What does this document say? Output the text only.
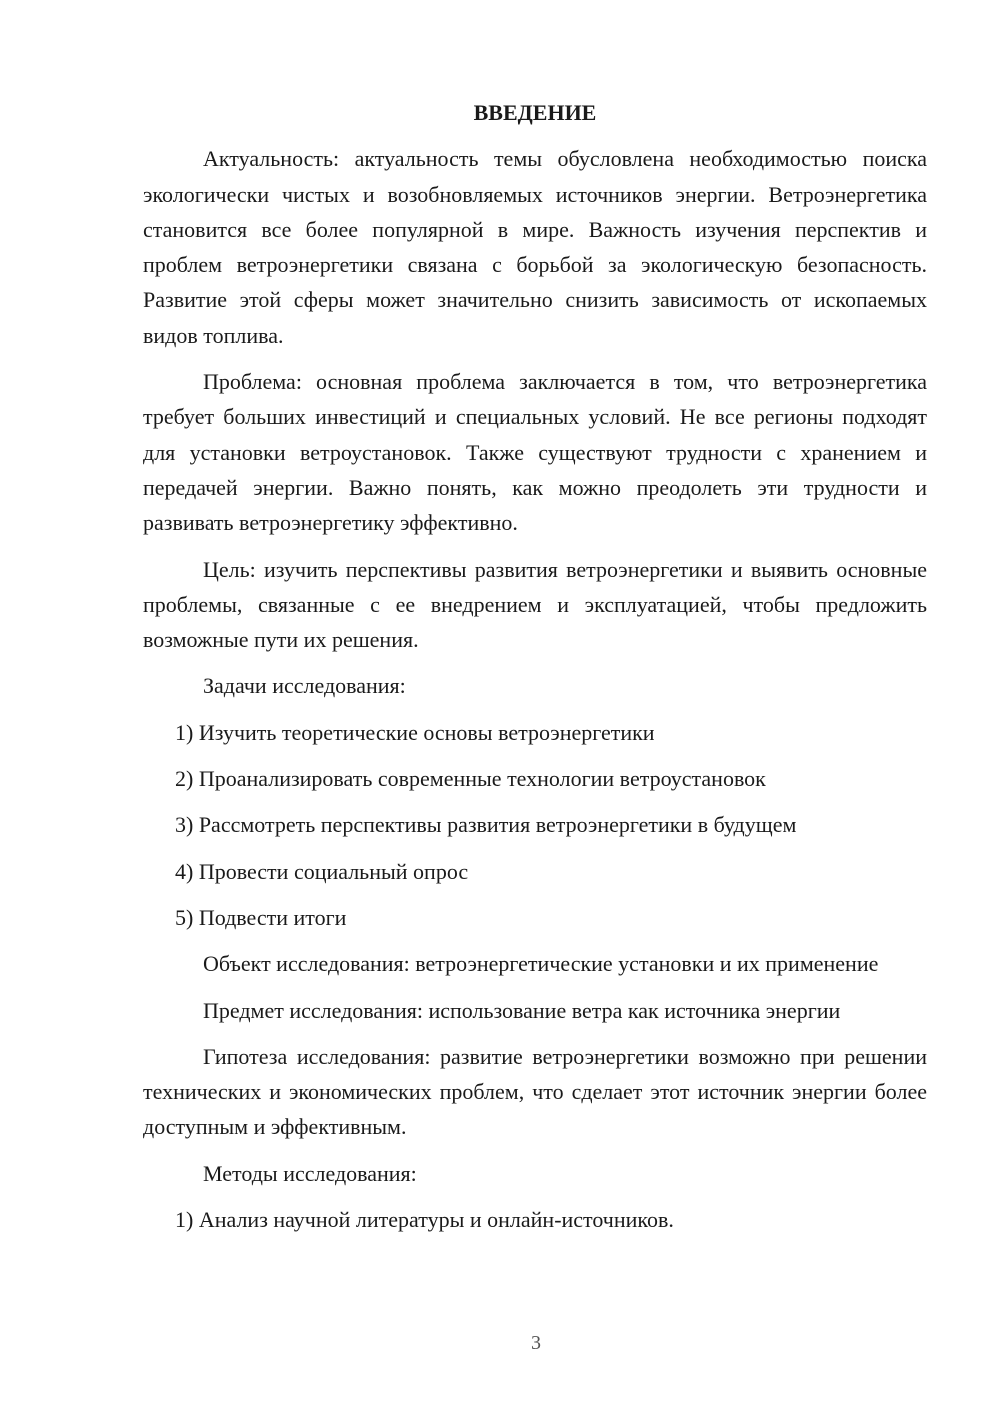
ВВЕДЕНИЕ

Актуальность: актуальность темы обусловлена необходимостью поиска экологически чистых и возобновляемых источников энергии. Ветроэнергетика становится все более популярной в мире. Важность изучения перспектив и проблем ветроэнергетики связана с борьбой за экологическую безопасность. Развитие этой сферы может значительно снизить зависимость от ископаемых видов топлива.

Проблема: основная проблема заключается в том, что ветроэнергетика требует больших инвестиций и специальных условий. Не все регионы подходят для установки ветроустановок. Также существуют трудности с хранением и передачей энергии. Важно понять, как можно преодолеть эти трудности и развивать ветроэнергетику эффективно.

Цель: изучить перспективы развития ветроэнергетики и выявить основные проблемы, связанные с ее внедрением и эксплуатацией, чтобы предложить возможные пути их решения.

Задачи исследования:

1) Изучить теоретические основы ветроэнергетики

2) Проанализировать современные технологии ветроустановок

3) Рассмотреть перспективы развития ветроэнергетики в будущем

4) Провести социальный опрос

5) Подвести итоги

Объект исследования: ветроэнергетические установки и их применение

Предмет исследования: использование ветра как источника энергии

Гипотеза исследования: развитие ветроэнергетики возможно при решении технических и экономических проблем, что сделает этот источник энергии более доступным и эффективным.

Методы исследования:

1) Анализ научной литературы и онлайн-источников.

3
